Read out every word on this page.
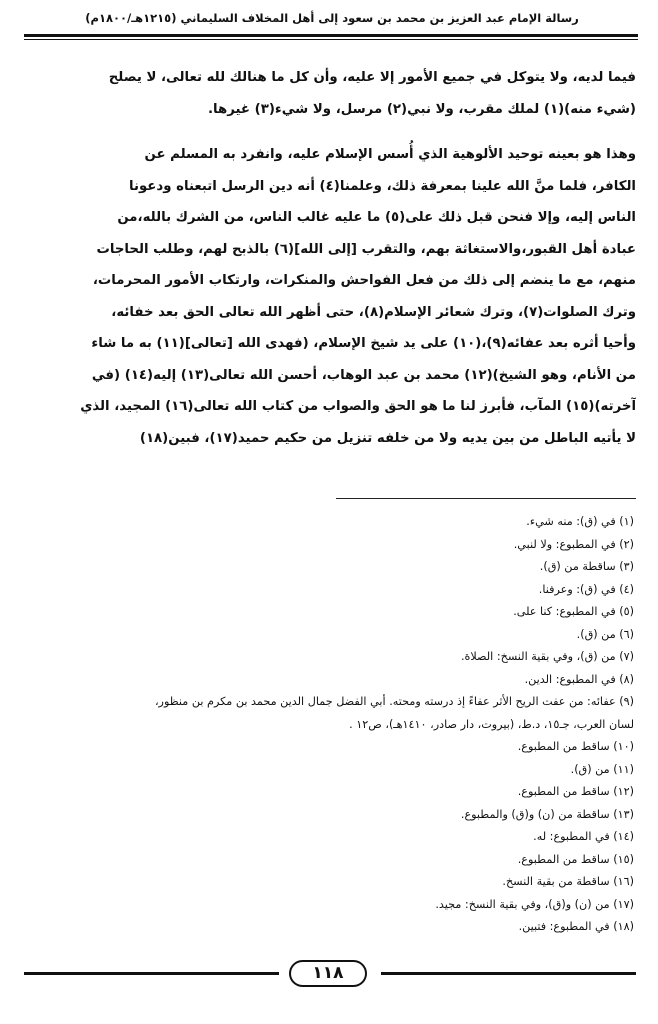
رسالة الإمام عبد العزيز بن محمد بن سعود إلى أهل المخلاف السليماني (١٢١٥هـ/١٨٠٠م)
فيما لديه، ولا يتوكل في جميع الأمور إلا عليه، وأن كل ما هنالك لله تعالى، لا يصلح
(شيء منه)(١) لملك مقرب، ولا نبي(٢) مرسل، ولا شيء(٣) غيرها.
وهذا هو بعينه توحيد الألوهية الذي أُسس الإسلام عليه، وانفرد به المسلم عن
الكافر، فلما منَّ الله علينا بمعرفة ذلك، وعلمنا(٤) أنه دين الرسل اتبعناه ودعونا
الناس إليه، وإلا فنحن قبل ذلك على(٥) ما عليه غالب الناس، من الشرك بالله،من
عبادة أهل القبور،والاستغاثة بهم، والتقرب [إلى الله](٦) بالذبح لهم، وطلب الحاجات
منهم، مع ما ينضم إلى ذلك من فعل الفواحش والمنكرات، وارتكاب الأمور المحرمات،
وترك الصلوات(٧)، وترك شعائر الإسلام(٨)، حتى أظهر الله تعالى الحق بعد خفائه،
وأحيا أثره بعد عفائه(٩)،(١٠) على يد شيخ الإسلام، (فهدى الله [تعالى](١١) به ما شاء
من الأنام، وهو الشيخ)(١٢) محمد بن عبد الوهاب، أحسن الله تعالى(١٣) إليه(١٤) (في
آخرته)(١٥) المآب، فأبرز لنا ما هو الحق والصواب من كتاب الله تعالى(١٦) المجيد، الذي
لا يأتيه الباطل من بين يديه ولا من خلفه تنزيل من حكيم حميد(١٧)، فبين(١٨)
(١) في (ق): منه شيء.
(٢) في المطبوع: ولا لنبي.
(٣) ساقطة من (ق).
(٤) في (ق): وعرفنا.
(٥) في المطبوع: كنا على.
(٦) من (ق).
(٧) من (ق)، وفي بقية النسخ: الصلاة.
(٨) في المطبوع: الدين.
(٩) عفائه: من عفت الريح الأثر عفاءً إذ درسته ومحته. أبي الفضل جمال الدين محمد بن مكرم بن منظور،
لسان العرب، جـ١٥، د.ط، (بيروت، دار صادر، ١٤١٠هـ)، ص١٢ .
(١٠) ساقط من المطبوع.
(١١) من (ق).
(١٢) ساقط من المطبوع.
(١٣) ساقطة من (ن) و(ق) والمطبوع.
(١٤) في المطبوع: له.
(١٥) ساقط من المطبوع.
(١٦) ساقطة من بقية النسخ.
(١٧) من (ن) و(ق)، وفي بقية النسخ: مجيد.
(١٨) في المطبوع: فتبين.
١١٨
